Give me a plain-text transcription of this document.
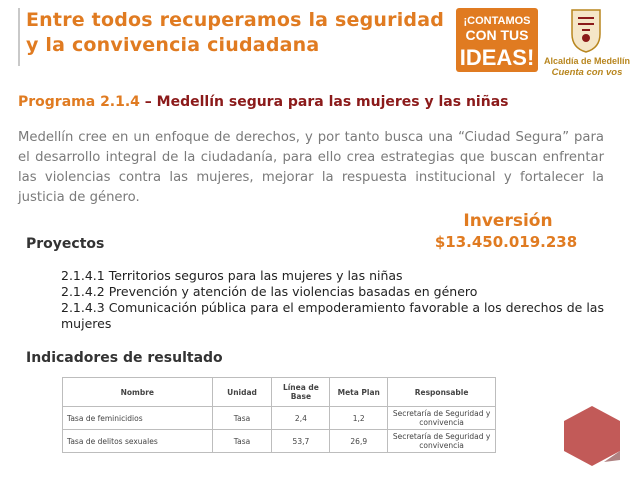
Entre todos recuperamos la seguridad
y la convivencia ciudadana
¡CONTAMOS
CON TUS
IDEAS! Alcaldía de Medellín
Cuenta con vos
Programa 2.1.4 – Medellín segura para las mujeres y las niñas
Medellín cree en un enfoque de derechos, y por tanto busca una “Ciudad Segura” para el desarrollo integral de la ciudadanía, para ello crea estrategias que buscan enfrentar las violencias contra las mujeres, mejorar la respuesta institucional y fortalecer la justicia de género.
Inversión
$13.450.019.238
Proyectos
2.1.4.1 Territorios seguros para las mujeres y las niñas
2.1.4.2 Prevención y atención de las violencias basadas en género
2.1.4.3 Comunicación pública para el empoderamiento favorable a los derechos de las mujeres
Indicadores de resultado
Nombre	Unidad	Línea de Base	Meta Plan	Responsable
Tasa de feminicidios	Tasa	2,4	1,2	Secretaría de Seguridad y convivencia
Tasa de delitos sexuales	Tasa	53,7	26,9	Secretaría de Seguridad y convivencia
